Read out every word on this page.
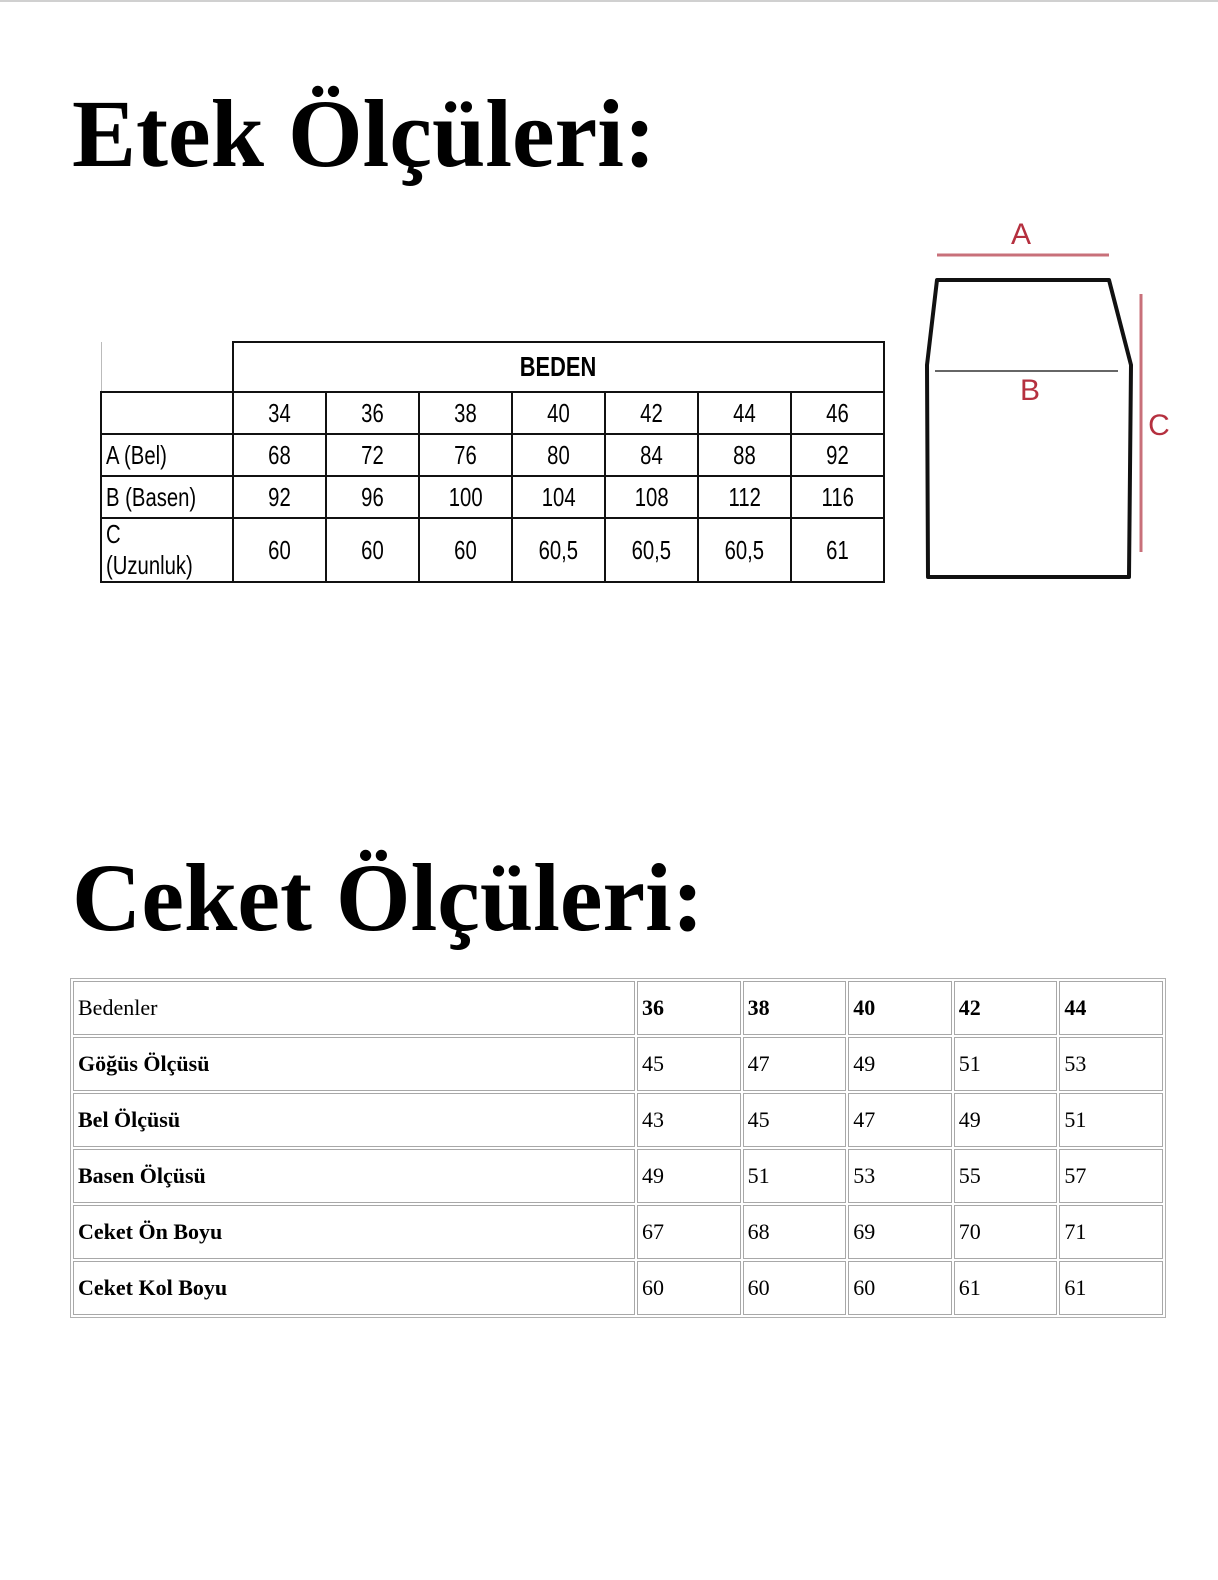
Etek Ölçüleri:
	BEDEN						
	34	36	38	40	42	44	46
A (Bel)	68	72	76	80	84	88	92
B (Basen)	92	96	100	104	108	112	116
C (Uzunluk)	60	60	60	60,5	60,5	60,5	61
A
B
C
Ceket Ölçüleri:
Bedenler	36	38	40	42	44
Göğüs Ölçüsü	45	47	49	51	53
Bel Ölçüsü	43	45	47	49	51
Basen Ölçüsü	49	51	53	55	57
Ceket Ön Boyu	67	68	69	70	71
Ceket Kol Boyu	60	60	60	61	61
